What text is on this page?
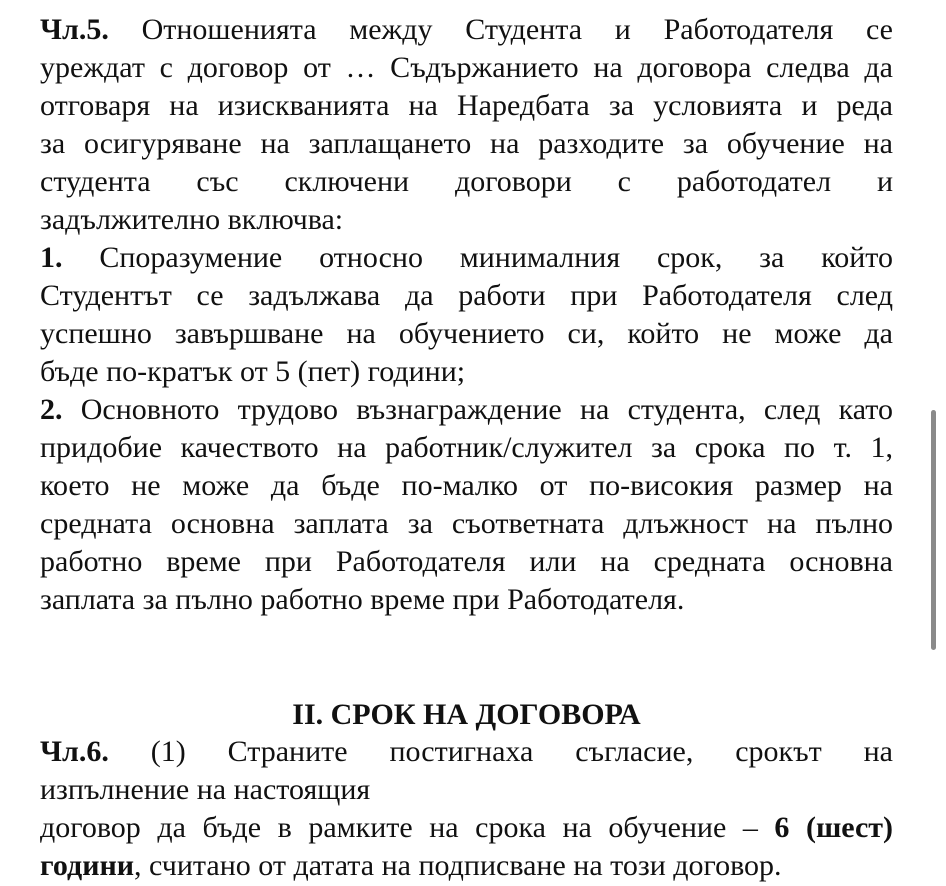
Чл.5. Отношенията между Студента и Работодателя се
уреждат с договор от … Съдържанието на договора следва да
отговаря на изискванията на Наредбата за условията и реда
за осигуряване на заплащането на разходите за обучение на
студента със сключени договори с работодател и
задължително включва:
1. Споразумение относно минималния срок, за който
Студентът се задължава да работи при Работодателя след
успешно завършване на обучението си, който не може да
бъде по-кратък от 5 (пет) години;
2. Основното трудово възнаграждение на студента, след като
придобие качеството на работник/служител за срока по т. 1,
което не може да бъде по-малко от по-високия размер на
средната основна заплата за съответната длъжност на пълно
работно време при Работодателя или на средната основна
заплата за пълно работно време при Работодателя.
II. СРОК НА ДОГОВОРА
Чл.6. (1) Страните постигнаха съгласие, срокът на
изпълнение на настоящия
договор да бъде в рамките на срока на обучение – 6 (шест)
години, считано от датата на подписване на този договор.
